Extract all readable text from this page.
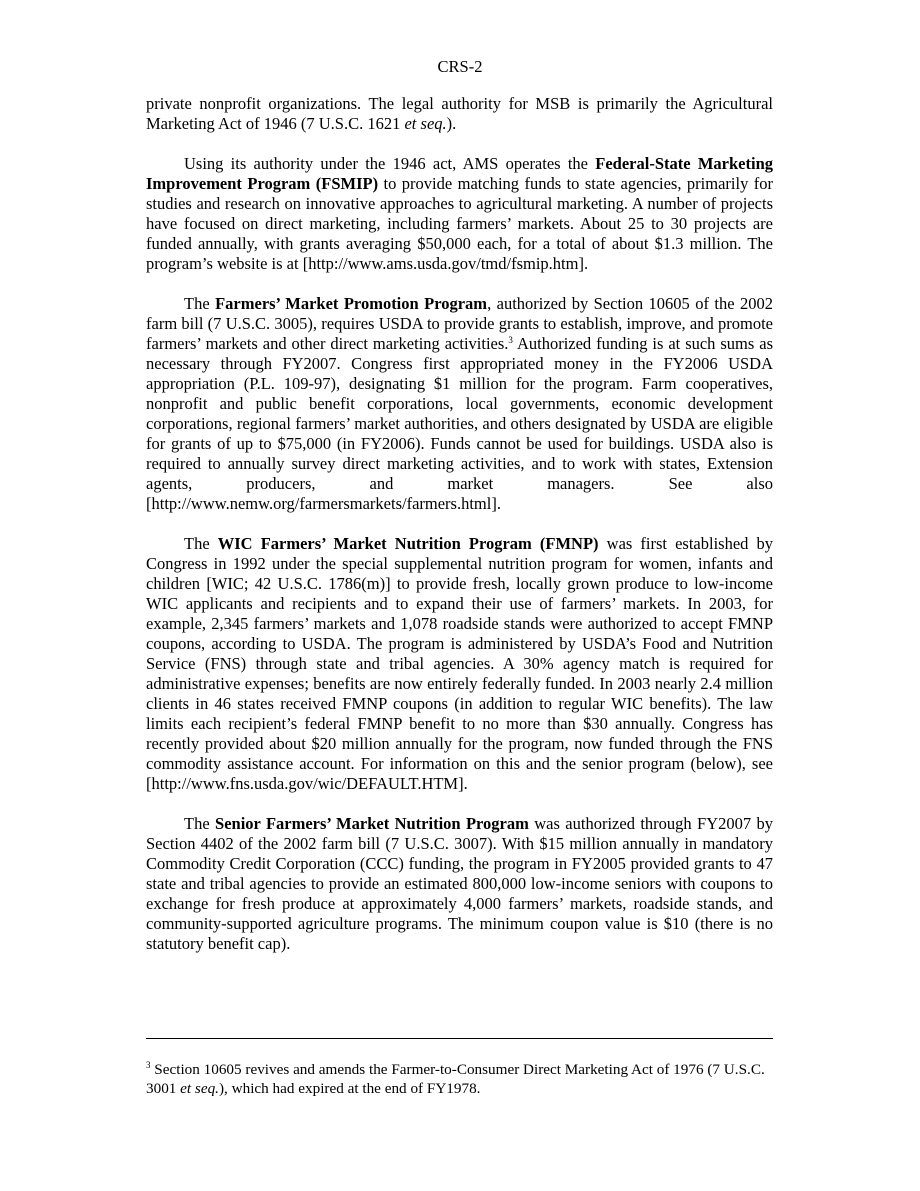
CRS-2

private nonprofit organizations. The legal authority for MSB is primarily the Agricultural Marketing Act of 1946 (7 U.S.C. 1621 et seq.).

Using its authority under the 1946 act, AMS operates the Federal-State Marketing Improvement Program (FSMIP) to provide matching funds to state agencies, primarily for studies and research on innovative approaches to agricultural marketing. A number of projects have focused on direct marketing, including farmers’ markets. About 25 to 30 projects are funded annually, with grants averaging $50,000 each, for a total of about $1.3 million. The program’s website is at [http://www.ams.usda.gov/tmd/fsmip.htm].

The Farmers’ Market Promotion Program, authorized by Section 10605 of the 2002 farm bill (7 U.S.C. 3005), requires USDA to provide grants to establish, improve, and promote farmers’ markets and other direct marketing activities.$^3$ Authorized funding is at such sums as necessary through FY2007. Congress first appropriated money in the FY2006 USDA appropriation (P.L. 109-97), designating $1 million for the program. Farm cooperatives, nonprofit and public benefit corporations, local governments, economic development corporations, regional farmers’ market authorities, and others designated by USDA are eligible for grants of up to $75,000 (in FY2006). Funds cannot be used for buildings. USDA also is required to annually survey direct marketing activities, and to work with states, Extension agents, producers, and market managers. See also [http://www.nemw.org/farmersmarkets/farmers.html].

The WIC Farmers’ Market Nutrition Program (FMNP) was first established by Congress in 1992 under the special supplemental nutrition program for women, infants and children [WIC; 42 U.S.C. 1786(m)] to provide fresh, locally grown produce to low-income WIC applicants and recipients and to expand their use of farmers’ markets. In 2003, for example, 2,345 farmers’ markets and 1,078 roadside stands were authorized to accept FMNP coupons, according to USDA. The program is administered by USDA’s Food and Nutrition Service (FNS) through state and tribal agencies. A 30% agency match is required for administrative expenses; benefits are now entirely federally funded. In 2003 nearly 2.4 million clients in 46 states received FMNP coupons (in addition to regular WIC benefits). The law limits each recipient’s federal FMNP benefit to no more than $30 annually. Congress has recently provided about $20 million annually for the program, now funded through the FNS commodity assistance account. For information on this and the senior program (below), see [http://www.fns.usda.gov/wic/DEFAULT.HTM].

The Senior Farmers’ Market Nutrition Program was authorized through FY2007 by Section 4402 of the 2002 farm bill (7 U.S.C. 3007). With $15 million annually in mandatory Commodity Credit Corporation (CCC) funding, the program in FY2005 provided grants to 47 state and tribal agencies to provide an estimated 800,000 low-income seniors with coupons to exchange for fresh produce at approximately 4,000 farmers’ markets, roadside stands, and community-supported agriculture programs. The minimum coupon value is $10 (there is no statutory benefit cap).

$^3$ Section 10605 revives and amends the Farmer-to-Consumer Direct Marketing Act of 1976 (7 U.S.C. 3001 et seq.), which had expired at the end of FY1978.
